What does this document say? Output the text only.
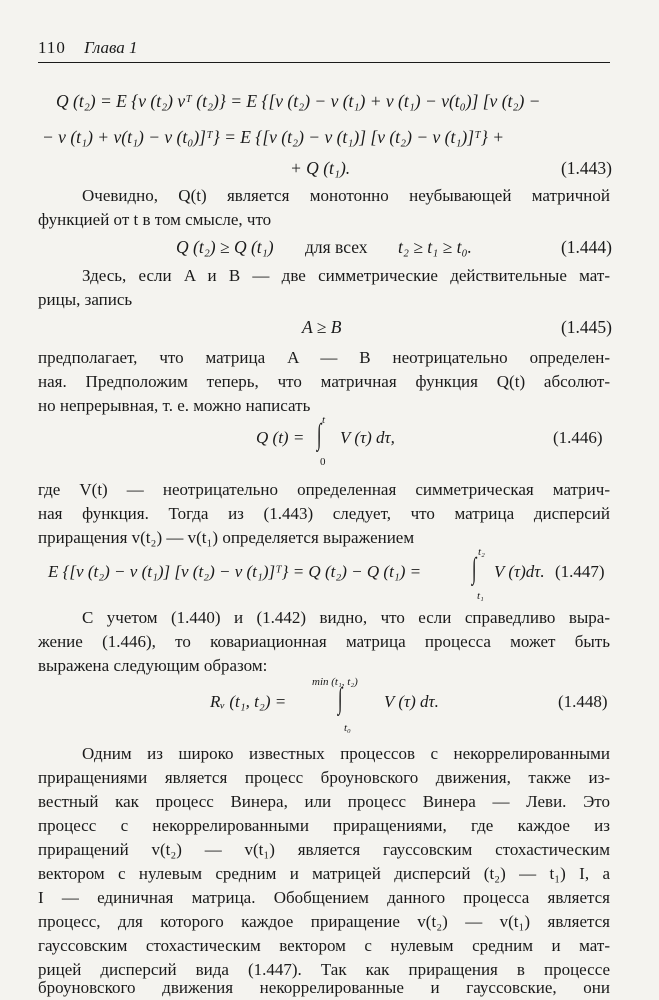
110 Глава 1
Q (t₂) = E {v (t₂) vᵀ (t₂)} = E {[v (t₂) − v (t₁) + v (t₁) − v(t₀)] [v (t₂) −
− v (t₁) + v(t₁) − v (t₀)]ᵀ} = E {[v (t₂) − v (t₁)] [v (t₂) − v (t₁)]ᵀ} +
+ Q (t₁).	(1.443)
Очевидно, Q(t) является монотонно неубывающей матричной
функцией от t в том смысле, что
Q (t₂) ≥ Q (t₁) для всех t₂ ≥ t₁ ≥ t₀.	(1.444)
Здесь, если A и B — две симметрические действительные мат-
рицы, запись
A ≥ B	(1.445)
предполагает, что матрица A — B неотрицательно определен-
ная. Предположим теперь, что матричная функция Q(t) абсолют-
но непрерывная, т. е. можно написать
Q (t) =
t
∫
0
V (τ) dτ,	(1.446)
где V(t) — неотрицательно определенная симметрическая матрич-
ная функция. Тогда из (1.443) следует, что матрица дисперсий
приращения v(t₂) — v(t₁) определяется выражением
E {[v (t₂) − v (t₁)] [v (t₂) − v (t₁)]ᵀ} = Q (t₂) − Q (t₁) =
t₂
∫
t₁
V (τ)dτ. (1.447)
С учетом (1.440) и (1.442) видно, что если справедливо выра-
жение (1.446), то ковариационная матрица процесса может быть
выражена следующим образом:
Rᵥ (t₁, t₂) =
min (t₁, t₂)
∫
t₀
V (τ) dτ.	(1.448)
Одним из широко известных процессов с некоррелированными
приращениями является процесс броуновского движения, также из-
вестный как процесс Винера, или процесс Винера — Леви. Это
процесс с некоррелированными приращениями, где каждое из
приращений v(t₂) — v(t₁) является гауссовским стохастическим
вектором с нулевым средним и матрицей дисперсий (t₂) — t₁) I, а
I — единичная матрица. Обобщением данного процесса является
процесс, для которого каждое приращение v(t₂) — v(t₁) является
гауссовским стохастическим вектором с нулевым средним и мат-
рицей дисперсий вида (1.447). Так как приращения в процессе
броуновского движения некоррелированные и гауссовские, они
